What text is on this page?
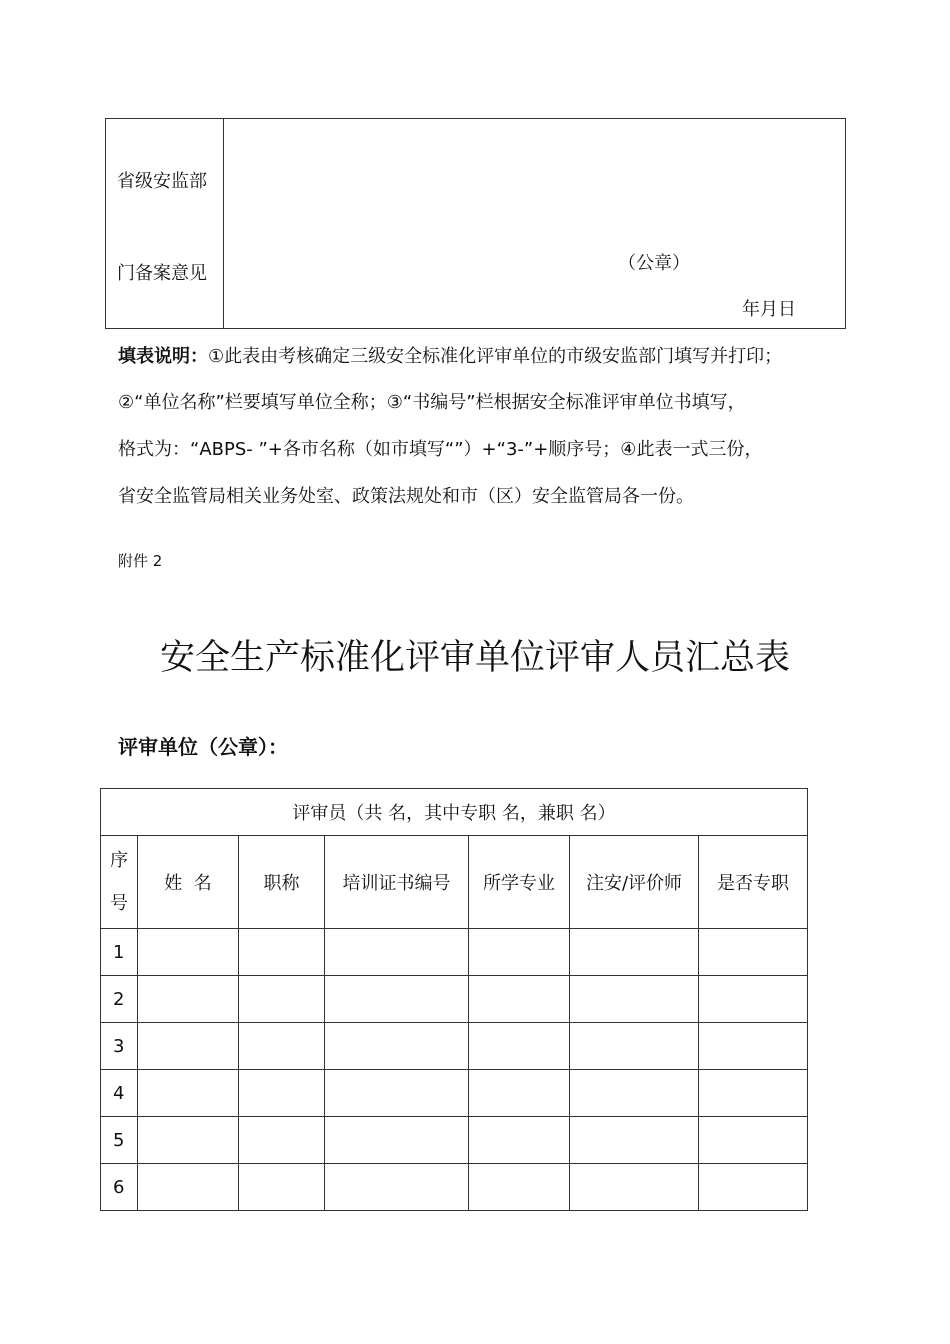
省级安监部
门备案意见	（公章）
年月日
填表说明：①此表由考核确定三级安全标准化评审单位的市级安监部门填写并打印；
②“单位名称”栏要填写单位全称；③“书编号”栏根据安全标准评审单位书填写，
格式为：“ABPS- ”+各市名称（如市填写“”）+“3-”+顺序号；④此表一式三份，
省安全监管局相关业务处室、政策法规处和市（区）安全监管局各一份。
附件 2
安全生产标准化评审单位评审人员汇总表
评审单位（公章）：
评审员（共 名，其中专职 名，兼职 名）						

序
号	姓  名	职称	培训证书编号	所学专业	注安/评价师	是否专职
1						
2						
3						
4						
5						
6						
